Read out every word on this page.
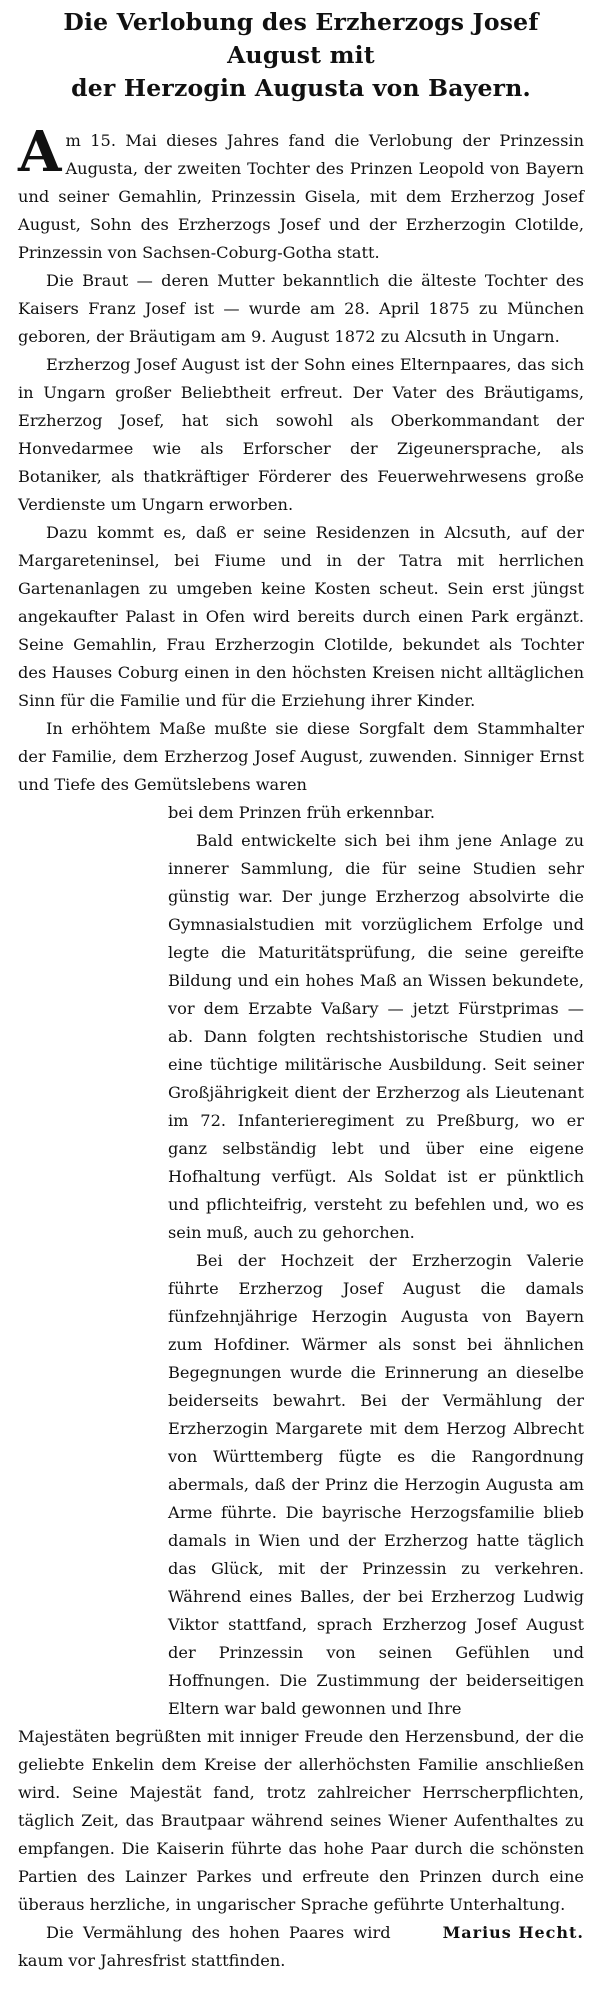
Die Verlobung des Erzherzogs Josef August mit
der Herzogin Augusta von Bayern.

Am 15. Mai dieses Jahres fand die Verlobung der Prinzessin Augusta, der zweiten Tochter des Prinzen Leopold von Bayern und seiner Gemahlin, Prinzessin Gisela, mit dem Erzherzog Josef August, Sohn des Erzherzogs Josef und der Erzherzogin Clotilde, Prinzessin von Sachsen-Coburg-Gotha statt.

Die Braut — deren Mutter bekanntlich die älteste Tochter des Kaisers Franz Josef ist — wurde am 28. April 1875 zu München geboren, der Bräutigam am 9. August 1872 zu Alcsuth in Ungarn.

Erzherzog Josef August ist der Sohn eines Elternpaares, das sich in Ungarn großer Beliebtheit erfreut. Der Vater des Bräutigams, Erzherzog Josef, hat sich sowohl als Oberkommandant der Honvedarmee wie als Erforscher der Zigeunersprache, als Botaniker, als thatkräftiger Förderer des Feuerwehrwesens große Verdienste um Ungarn erworben.

Dazu kommt es, daß er seine Residenzen in Alcsuth, auf der Margareteninsel, bei Fiume und in der Tatra mit herrlichen Gartenanlagen zu umgeben keine Kosten scheut. Sein erst jüngst angekaufter Palast in Ofen wird bereits durch einen Park ergänzt. Seine Gemahlin, Frau Erzherzogin Clotilde, bekundet als Tochter des Hauses Coburg einen in den höchsten Kreisen nicht alltäglichen Sinn für die Familie und für die Erziehung ihrer Kinder.

In erhöhtem Maße mußte sie diese Sorgfalt dem Stammhalter der Familie, dem Erzherzog Josef August, zuwenden. Sinniger Ernst und Tiefe des Gemütslebens waren

bei dem Prinzen früh erkennbar.

Bald entwickelte sich bei ihm jene Anlage zu innerer Sammlung, die für seine Studien sehr günstig war. Der junge Erzherzog absolvirte die Gymnasialstudien mit vorzüglichem Erfolge und legte die Maturitätsprüfung, die seine gereifte Bildung und ein hohes Maß an Wissen bekundete, vor dem Erzabte Vaßary — jetzt Fürstprimas — ab. Dann folgten rechtshistorische Studien und eine tüchtige militärische Ausbildung. Seit seiner Großjährigkeit dient der Erzherzog als Lieutenant im 72. Infanterieregiment zu Preßburg, wo er ganz selbständig lebt und über eine eigene Hofhaltung verfügt. Als Soldat ist er pünktlich und pflichteifrig, versteht zu befehlen und, wo es sein muß, auch zu gehorchen.

Bei der Hochzeit der Erzherzogin Valerie führte Erzherzog Josef August die damals fünfzehnjährige Herzogin Augusta von Bayern zum Hofdiner. Wärmer als sonst bei ähnlichen Begegnungen wurde die Erinnerung an dieselbe beiderseits bewahrt. Bei der Vermählung der Erzherzogin Margarete mit dem Herzog Albrecht von Württemberg fügte es die Rangordnung abermals, daß der Prinz die Herzogin Augusta am Arme führte. Die bayrische Herzogsfamilie blieb damals in Wien und der Erzherzog hatte täglich das Glück, mit der Prinzessin zu verkehren. Während eines Balles, der bei Erzherzog Ludwig Viktor stattfand, sprach Erzherzog Josef August der Prinzessin von seinen Gefühlen und Hoffnungen. Die Zustimmung der beiderseitigen Eltern war bald gewonnen und Ihre

Majestäten begrüßten mit inniger Freude den Herzensbund, der die geliebte Enkelin dem Kreise der allerhöchsten Familie anschließen wird. Seine Majestät fand, trotz zahlreicher Herrscherpflichten, täglich Zeit, das Brautpaar während seines Wiener Aufenthaltes zu empfangen. Die Kaiserin führte das hohe Paar durch die schönsten Partien des Lainzer Parkes und erfreute den Prinzen durch eine überaus herzliche, in ungarischer Sprache geführte Unterhaltung.

Marius Hecht.
Die Vermählung des hohen Paares wird kaum vor Jahresfrist stattfinden.
